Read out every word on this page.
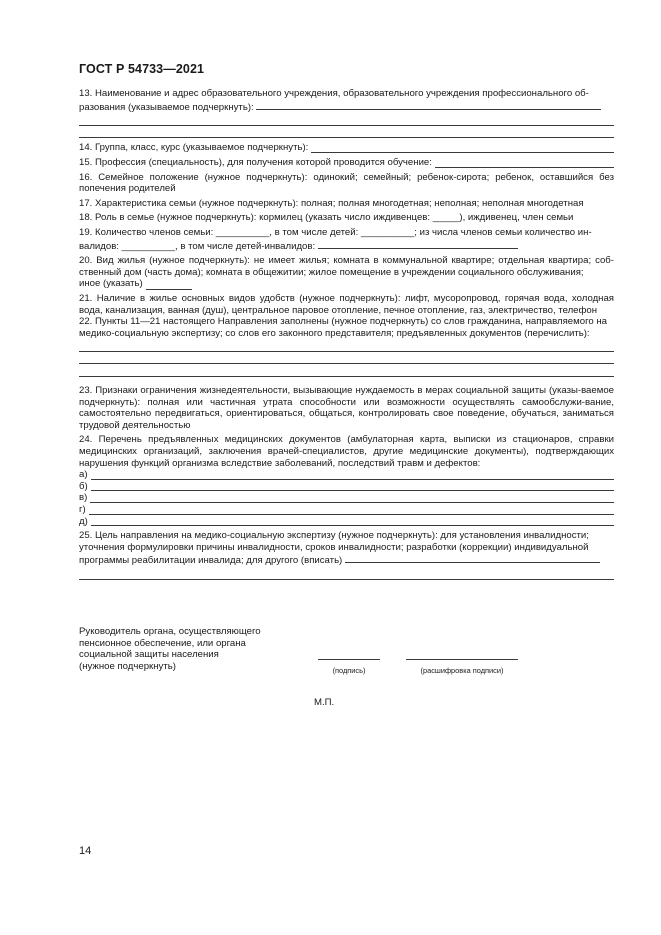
ГОСТ Р 54733—2021

13. Наименование и адрес образовательного учреждения, образовательного учреждения профессионального об-разования (указываемое подчеркнуть):

14. Группа, класс, курс (указываемое подчеркнуть):
15. Профессия (специальность), для получения которой проводится обучение:

16. Семейное положение (нужное подчеркнуть): одинокий; семейный; ребенок-сирота; ребенок, оставшийся без попечения родителей

17. Характеристика семьи (нужное подчеркнуть): полная; полная многодетная; неполная; неполная многодетная

18. Роль в семье (нужное подчеркнуть): кормилец (указать число иждивенцев: _____), иждивенец, член семьи

19. Количество членов семьи: __________, в том числе детей: __________; из числа членов семьи количество ин-валидов: __________, в том числе детей-инвалидов:

20. Вид жилья (нужное подчеркнуть): не имеет жилья; комната в коммунальной квартире; отдельная квартира; соб-ственный дом (часть дома); комната в общежитии; жилое помещение в учреждении социального обслуживания;

иное (указать)

21. Наличие в жилье основных видов удобств (нужное подчеркнуть): лифт, мусоропровод, горячая вода, холодная вода, канализация, ванная (душ), центральное паровое отопление, печное отопление, газ, электричество, телефон

22. Пункты 11—21 настоящего Направления заполнены (нужное подчеркнуть) со слов гражданина, направляемого на медико-социальную экспертизу; со слов его законного представителя; предъявленных документов (перечислить):

23. Признаки ограничения жизнедеятельности, вызывающие нуждаемость в мерах социальной защиты (указы-ваемое подчеркнуть): полная или частичная утрата способности или возможности осуществлять самообслужи-вание, самостоятельно передвигаться, ориентироваться, общаться, контролировать свое поведение, обучаться, заниматься трудовой деятельностью

24. Перечень предъявленных медицинских документов (амбулаторная карта, выписки из стационаров, справки медицинских организаций, заключения врачей-специалистов, другие медицинские документы), подтверждающих нарушения функций организма вследствие заболеваний, последствий травм и дефектов:

а)
б)
в)
г)
д)

25. Цель направления на медико-социальную экспертизу (нужное подчеркнуть): для установления инвалидности; уточнения формулировки причины инвалидности, сроков инвалидности; разработки (коррекции) индивидуальной программы реабилитации инвалида; для другого (вписать)

Руководитель органа, осуществляющего
пенсионное обеспечение, или органа
социальной защиты населения
(нужное подчеркнуть)	(подпись)	(расшифровка подписи)
М.П.
14
